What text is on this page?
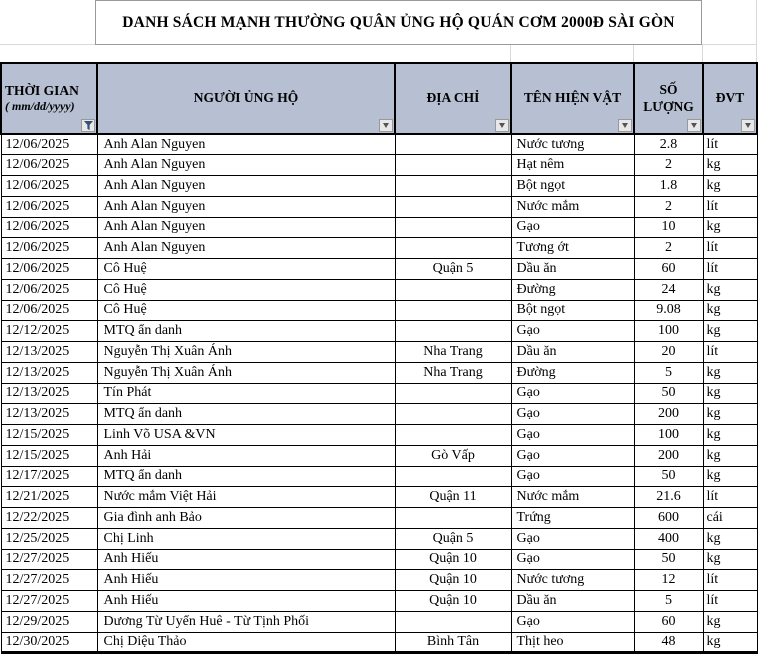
DANH SÁCH MẠNH THƯỜNG QUÂN ỦNG HỘ QUÁN CƠM 2000Đ SÀI GÒN
THỜI GIAN
( mm/dd/yyyy)	NGƯỜI ỦNG HỘ	ĐỊA CHỈ	TÊN HIỆN VẬT	SỐ LƯỢNG	ĐVT

12/06/2025	Anh Alan Nguyen		Nước tương	2.8	lít
12/06/2025	Anh Alan Nguyen		Hạt nêm	2	kg
12/06/2025	Anh Alan Nguyen		Bột ngọt	1.8	kg
12/06/2025	Anh Alan Nguyen		Nước mắm	2	lít
12/06/2025	Anh Alan Nguyen		Gạo	10	kg
12/06/2025	Anh Alan Nguyen		Tương ớt	2	lít
12/06/2025	Cô Huệ	Quận 5	Dầu ăn	60	lít
12/06/2025	Cô Huệ		Đường	24	kg
12/06/2025	Cô Huệ		Bột ngọt	9.08	kg
12/12/2025	MTQ ẩn danh		Gạo	100	kg
12/13/2025	Nguyễn Thị Xuân Ánh	Nha Trang	Dầu ăn	20	lít
12/13/2025	Nguyễn Thị Xuân Ánh	Nha Trang	Đường	5	kg
12/13/2025	Tín Phát		Gạo	50	kg
12/13/2025	MTQ ẩn danh		Gạo	200	kg
12/15/2025	Linh Võ USA &VN		Gạo	100	kg
12/15/2025	Anh Hải	Gò Vấp	Gạo	200	kg
12/17/2025	MTQ ẩn danh		Gạo	50	kg
12/21/2025	Nước mắm Việt Hải	Quận 11	Nước mắm	21.6	lít
12/22/2025	Gia đình anh Bảo		Trứng	600	cái
12/25/2025	Chị Linh	Quận 5	Gạo	400	kg
12/27/2025	Anh Hiếu	Quận 10	Gạo	50	kg
12/27/2025	Anh Hiếu	Quận 10	Nước tương	12	lít
12/27/2025	Anh Hiếu	Quận 10	Dầu ăn	5	lít
12/29/2025	Dương Từ Uyển Huê - Từ Tịnh Phối		Gạo	60	kg
12/30/2025	Chị Diệu Thảo	Bình Tân	Thịt heo	48	kg
